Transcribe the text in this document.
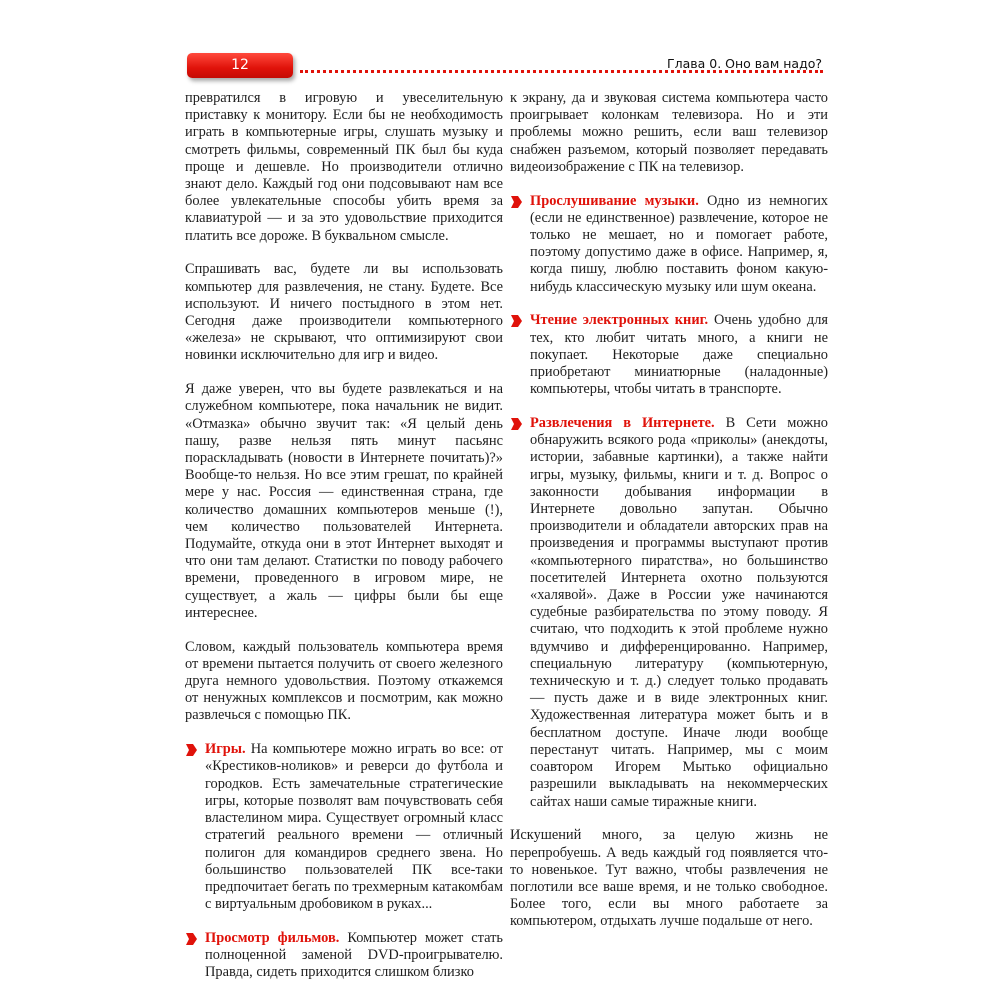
12	Глава 0. Оно вам надо?

превратился в игровую и увеселительную приставку к монитору. Если бы не необходимость играть в компьютерные игры, слушать музыку и смотреть фильмы, современный ПК был бы куда проще и дешевле. Но производители отлично знают дело. Каждый год они подсовывают нам все более увлекательные способы убить время за клавиатурой — и за это удовольствие приходится платить все дороже. В буквальном смысле.

Спрашивать вас, будете ли вы использовать компьютер для развлечения, не стану. Будете. Все используют. И ничего постыдного в этом нет. Сегодня даже производители компьютерного «железа» не скрывают, что оптимизируют свои новинки исключительно для игр и видео.

Я даже уверен, что вы будете развлекаться и на служебном компьютере, пока начальник не видит. «Отмазка» обычно звучит так: «Я целый день пашу, разве нельзя пять минут пасьянс пораскладывать (новости в Интернете почитать)?» Вообще-то нельзя. Но все этим грешат, по крайней мере у нас. Россия — единственная страна, где количество домашних компьютеров меньше (!), чем количество пользователей Интернета. Подумайте, откуда они в этот Интернет выходят и что они там делают. Статистки по поводу рабочего времени, проведенного в игровом мире, не существует, а жаль — цифры были бы еще интереснее.

Словом, каждый пользователь компьютера время от времени пытается получить от своего железного друга немного удовольствия. Поэтому откажемся от ненужных комплексов и посмотрим, как можно развлечься с помощью ПК.

Игры. На компьютере можно играть во все: от «Крестиков-ноликов» и реверси до футбола и городков. Есть замечательные стратегические игры, которые позволят вам почувствовать себя властелином мира. Существует огромный класс стратегий реального времени — отличный полигон для командиров среднего звена. Но большинство пользователей ПК все-таки предпочитает бегать по трехмерным катакомбам с виртуальным дробовиком в руках...
Просмотр фильмов. Компьютер может стать полноценной заменой DVD-проигрывателю. Правда, сидеть приходится слишком близко

к экрану, да и звуковая система компьютера часто проигрывает колонкам телевизора. Но и эти проблемы можно решить, если ваш телевизор снабжен разъемом, который позволяет передавать видеоизображение с ПК на телевизор.

Прослушивание музыки. Одно из немногих (если не единственное) развлечение, которое не только не мешает, но и помогает работе, поэтому допустимо даже в офисе. Например, я, когда пишу, люблю поставить фоном какую-нибудь классическую музыку или шум океана.
Чтение электронных книг. Очень удобно для тех, кто любит читать много, а книги не покупает. Некоторые даже специально приобретают миниатюрные (наладонные) компьютеры, чтобы читать в транспорте.
Развлечения в Интернете. В Сети можно обнаружить всякого рода «приколы» (анекдоты, истории, забавные картинки), а также найти игры, музыку, фильмы, книги и т. д. Вопрос о законности добывания информации в Интернете довольно запутан. Обычно производители и обладатели авторских прав на произведения и программы выступают против «компьютерного пиратства», но большинство посетителей Интернета охотно пользуются «халявой». Даже в России уже начинаются судебные разбирательства по этому поводу. Я считаю, что подходить к этой проблеме нужно вдумчиво и дифференцированно. Например, специальную литературу (компьютерную, техническую и т. д.) следует только продавать — пусть даже и в виде электронных книг. Художественная литература может быть и в бесплатном доступе. Иначе люди вообще перестанут читать. Например, мы с моим соавтором Игорем Мытько официально разрешили выкладывать на некоммерческих сайтах наши самые тиражные книги.

Искушений много, за целую жизнь не перепробуешь. А ведь каждый год появляется что-то новенькое. Тут важно, чтобы развлечения не поглотили все ваше время, и не только свободное. Более того, если вы много работаете за компьютером, отдыхать лучше подальше от него.
